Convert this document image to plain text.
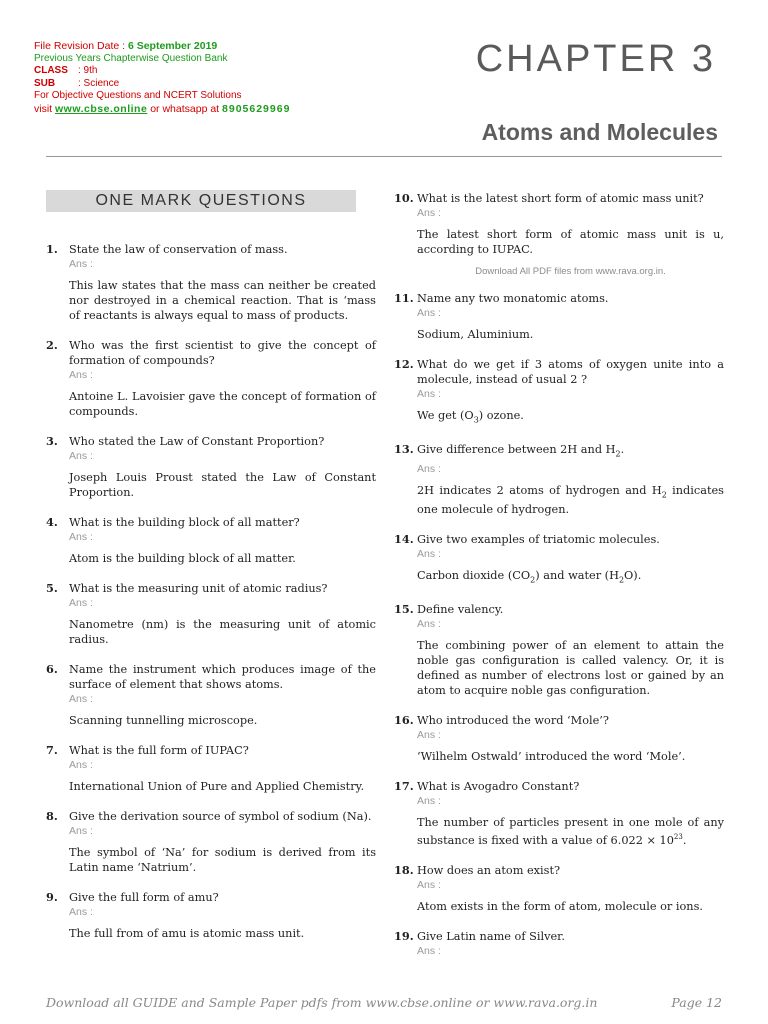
File Revision Date : 6 September 2019
Previous Years Chapterwise Question Bank
CLASS : 9th
SUB : Science
For Objective Questions and NCERT Solutions
visit www.cbse.online or whatsapp at 8905629969
CHAPTER 3
Atoms and Molecules
ONE MARK QUESTIONS
1. State the law of conservation of mass.
Ans :
This law states that the mass can neither be created nor destroyed in a chemical reaction. That is ‘mass of reactants is always equal to mass of products.
2. Who was the first scientist to give the concept of formation of compounds?
Ans :
Antoine L. Lavoisier gave the concept of formation of compounds.
3. Who stated the Law of Constant Proportion?
Ans :
Joseph Louis Proust stated the Law of Constant Proportion.
4. What is the building block of all matter?
Ans :
Atom is the building block of all matter.
5. What is the measuring unit of atomic radius?
Ans :
Nanometre (nm) is the measuring unit of atomic radius.
6. Name the instrument which produces image of the surface of element that shows atoms.
Ans :
Scanning tunnelling microscope.
7. What is the full form of IUPAC?
Ans :
International Union of Pure and Applied Chemistry.
8. Give the derivation source of symbol of sodium (Na).
Ans :
The symbol of ‘Na’ for sodium is derived from its Latin name ‘Natrium’.
9. Give the full form of amu?
Ans :
The full from of amu is atomic mass unit.
10. What is the latest short form of atomic mass unit?
Ans :
The latest short form of atomic mass unit is u, according to IUPAC.
Download All PDF files from www.rava.org.in.
11. Name any two monatomic atoms.
Ans :
Sodium, Aluminium.
12. What do we get if 3 atoms of oxygen unite into a molecule, instead of usual 2 ?
Ans :
We get $(O_3)$ ozone.
13. Give difference between 2H and $H_2$.
Ans :
2H indicates 2 atoms of hydrogen and $H_2$ indicates one molecule of hydrogen.
14. Give two examples of triatomic molecules.
Ans :
Carbon dioxide $(CO_2)$ and water $(H_2O)$.
15. Define valency.
Ans :
The combining power of an element to attain the noble gas configuration is called valency. Or, it is defined as number of electrons lost or gained by an atom to acquire noble gas configuration.
16. Who introduced the word ‘Mole’?
Ans :
‘Wilhelm Ostwald’ introduced the word ‘Mole’.
17. What is Avogadro Constant?
Ans :
The number of particles present in one mole of any substance is fixed with a value of $6.022 \times 10^{23}$.
18. How does an atom exist?
Ans :
Atom exists in the form of atom, molecule or ions.
19. Give Latin name of Silver.
Ans :
Download all GUIDE and Sample Paper pdfs from www.cbse.online or www.rava.org.in	Page 12
